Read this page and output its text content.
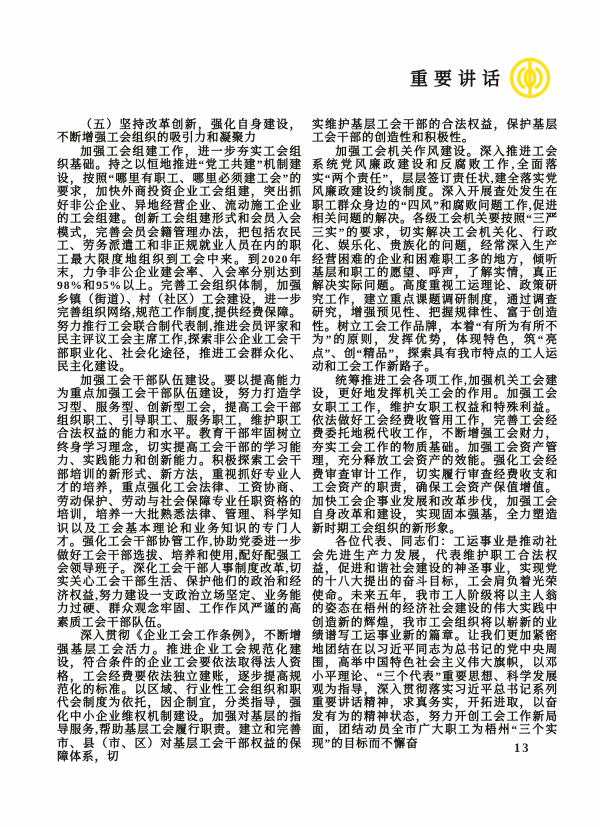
重要讲话

（五）坚持改革创新，强化自身建设，不断增强工会组织的吸引力和凝聚力

加强工会组建工作，进一步夯实工会组织基础。持之以恒地推进“党工共建”机制建设，按照“哪里有职工、哪里必须建工会”的要求，加快外商投资企业工会组建，突出抓好非公企业、异地经营企业、流动施工企业的工会组建。创新工会组建形式和会员入会模式，完善会员会籍管理办法，把包括农民工、劳务派遣工和非正规就业人员在内的职工最大限度地组织到工会中来。到2020年末，力争非公企业建会率、入会率分别达到98%和95%以上。完善工会组织体制，加强乡镇（街道）、村（社区）工会建设，进一步完善组织网络,规范工作制度,提供经费保障。努力推行工会联合制代表制,推进会员评家和民主评议工会主席工作,探索非公企业工会干部职业化、社会化途径，推进工会群众化、民主化建设。

加强工会干部队伍建设。要以提高能力为重点加强工会干部队伍建设，努力打造学习型、服务型、创新型工会，提高工会干部组织职工、引导职工、服务职工，维护职工合法权益的能力和水平。教育干部牢固树立终身学习理念，切实提高工会干部的学习能力、实践能力和创新能力。积极探索工会干部培训的新形式、新方法，重视抓好专业人才的培养，重点强化工会法律、工资协商、劳动保护、劳动与社会保障专业任职资格的培训，培养一大批熟悉法律、管理、科学知识以及工会基本理论和业务知识的专门人才。强化工会干部协管工作,协助党委进一步做好工会干部选拔、培养和使用,配好配强工会领导班子。深化工会干部人事制度改革,切实关心工会干部生活、保护他们的政治和经济权益,努力建设一支政治立场坚定、业务能力过硬、群众观念牢固、工作作风严谨的高素质工会干部队伍。

深入贯彻《企业工会工作条例》，不断增强基层工会活力。推进企业工会规范化建设，符合条件的企业工会要依法取得法人资格，工会经费要依法独立建账，逐步提高规范化的标准。以区域、行业性工会组织和职代会制度为依托，因企制宜，分类指导，强化中小企业维权机制建设。加强对基层的指导服务,帮助基层工会履行职责。建立和完善市、县（市、区）对基层工会干部权益的保障体系，切

实维护基层工会干部的合法权益，保护基层工会干部的创造性和积极性。

加强工会机关作风建设。深入推进工会系统党风廉政建设和反腐败工作,全面落实“两个责任”，层层签订责任状,建全落实党风廉政建设约谈制度。深入开展查处发生在职工群众身边的“四风”和腐败问题工作,促进相关问题的解决。各级工会机关要按照“三严三实”的要求，切实解决工会机关化、行政化、娱乐化、贵族化的问题，经常深入生产经营困难的企业和困难职工多的地方，倾听基层和职工的愿望、呼声，了解实情，真正解决实际问题。高度重视工运理论、政策研究工作，建立重点课题调研制度，通过调查研究，增强预见性、把握规律性、富于创造性。树立工会工作品牌，本着“有所为有所不为”的原则，发挥优势，体现特色，筑“亮点”、创“精品”，探索具有我市特点的工人运动和工会工作新路子。

统筹推进工会各项工作,加强机关工会建设，更好地发挥机关工会的作用。加强工会女职工工作，维护女职工权益和特殊利益。依法做好工会经费收管用工作，完善工会经费委托地税代收工作，不断增强工会财力，夯实工会工作的物质基础。加强工会资产管理，充分释放工会资产的效能。强化工会经费审查审计工作，切实履行审查经费收支和工会资产的职责，确保工会资产保值增值。加快工会企事业发展和改革步伐，加强工会自身改革和建设，实现固本强基，全力塑造新时期工会组织的新形象。

各位代表、同志们：工运事业是推动社会先进生产力发展，代表维护职工合法权益，促进和谐社会建设的神圣事业，实现党的十八大提出的奋斗目标，工会肩负着光荣使命。未来五年，我市工人阶级将以主人翁的姿态在梧州的经济社会建设的伟大实践中创造新的辉煌，我市工会组织将以崭新的业绩谱写工运事业新的篇章。让我们更加紧密地团结在以习近平同志为总书记的党中央周围，高举中国特色社会主义伟大旗帜，以邓小平理论、“三个代表”重要思想、科学发展观为指导，深入贯彻落实习近平总书记系列重要讲话精神，求真务实，开拓进取，以奋发有为的精神状态，努力开创工会工作新局面，团结动员全市广大职工为梧州“三个实现”的目标而不懈奋	13
